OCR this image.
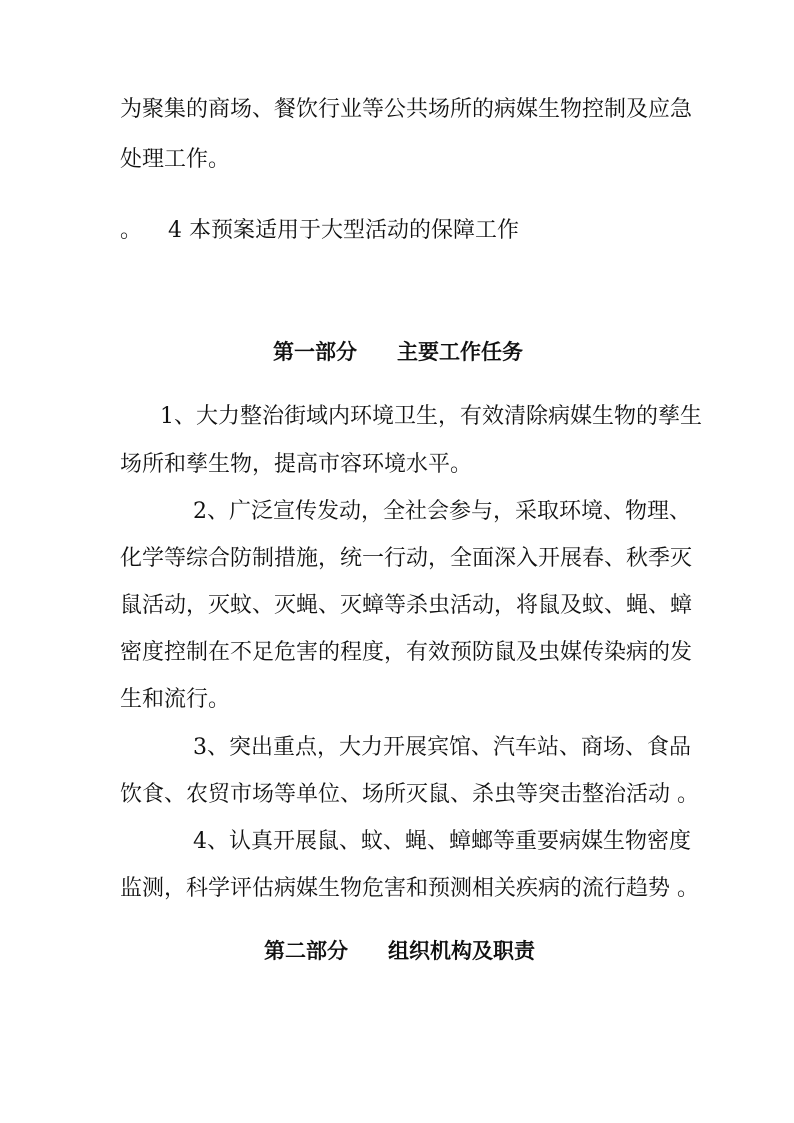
为聚集的商场、餐饮行业等公共场所的病媒生物控制及应急
处理工作。
。 4 本预案适用于大型活动的保障工作
第一部分 主要工作任务
1、大力整治街域内环境卫生，有效清除病媒生物的孳生
场所和孳生物，提高市容环境水平。
2、广泛宣传发动，全社会参与，采取环境、物理、
化学等综合防制措施，统一行动，全面深入开展春、秋季灭
鼠活动，灭蚊、灭蝇、灭蟑等杀虫活动，将鼠及蚊、蝇、蟑
密度控制在不足危害的程度，有效预防鼠及虫媒传染病的发
生和流行。
3、突出重点，大力开展宾馆、汽车站、商场、食品
饮食、农贸市场等单位、场所灭鼠、杀虫等突击整治活动 。
4、认真开展鼠、蚊、蝇、蟑螂等重要病媒生物密度
监测，科学评估病媒生物危害和预测相关疾病的流行趋势 。
第二部分 组织机构及职责
